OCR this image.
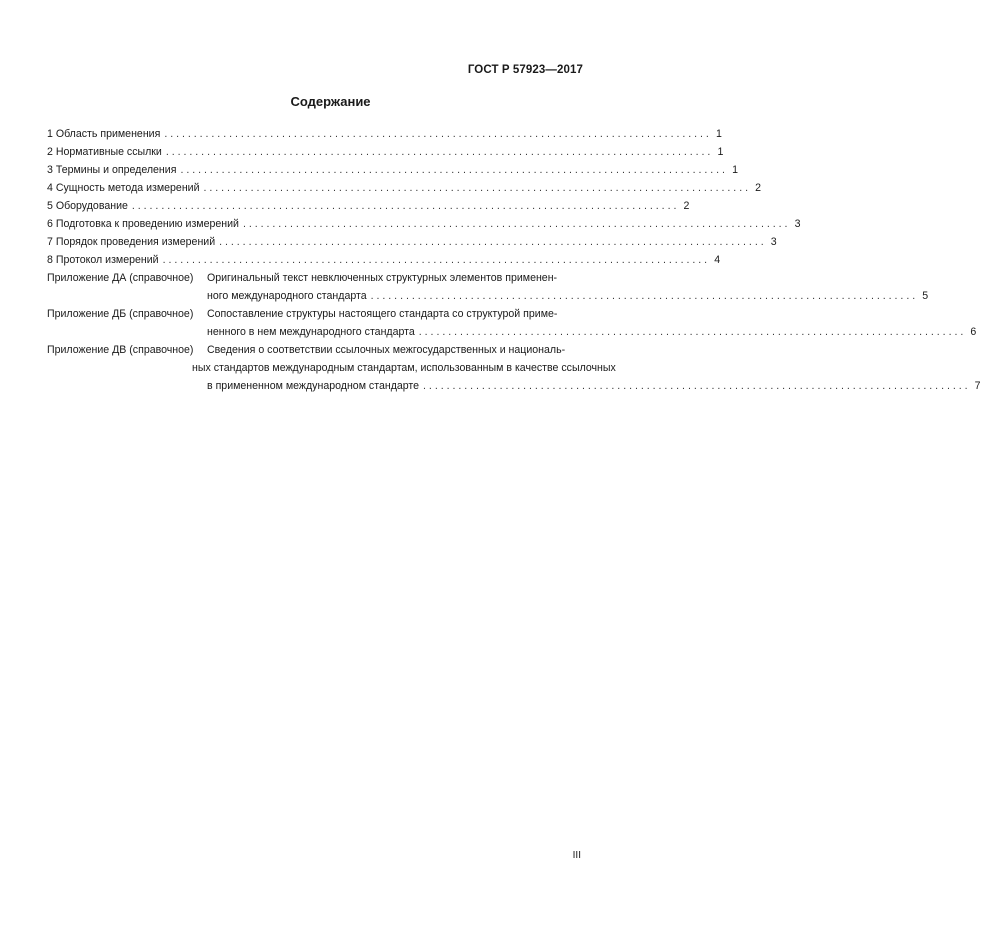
ГОСТ Р 57923—2017
Содержание
1 Область применения . . .	1
2 Нормативные ссылки . . .	1
3 Термины и определения . . .	1
4 Сущность метода измерений . . .	2
5 Оборудование . . .	2
6 Подготовка к проведению измерений . . .	3
7 Порядок проведения измерений . . .	3
8 Протокол измерений . . .	4
Приложение ДА (справочное)	Оригинальный текст невключенных структурных элементов применен-
ного международного стандарта . . .	5
Приложение ДБ (справочное)	Сопоставление структуры настоящего стандарта со структурой приме-
ненного в нем международного стандарта . . .	6
Приложение ДВ (справочное)	Сведения о соответствии ссылочных межгосударственных и националь-
ных стандартов международным стандартам, использованным в качестве ссылочных
в примененном международном стандарте . . .	7
III
